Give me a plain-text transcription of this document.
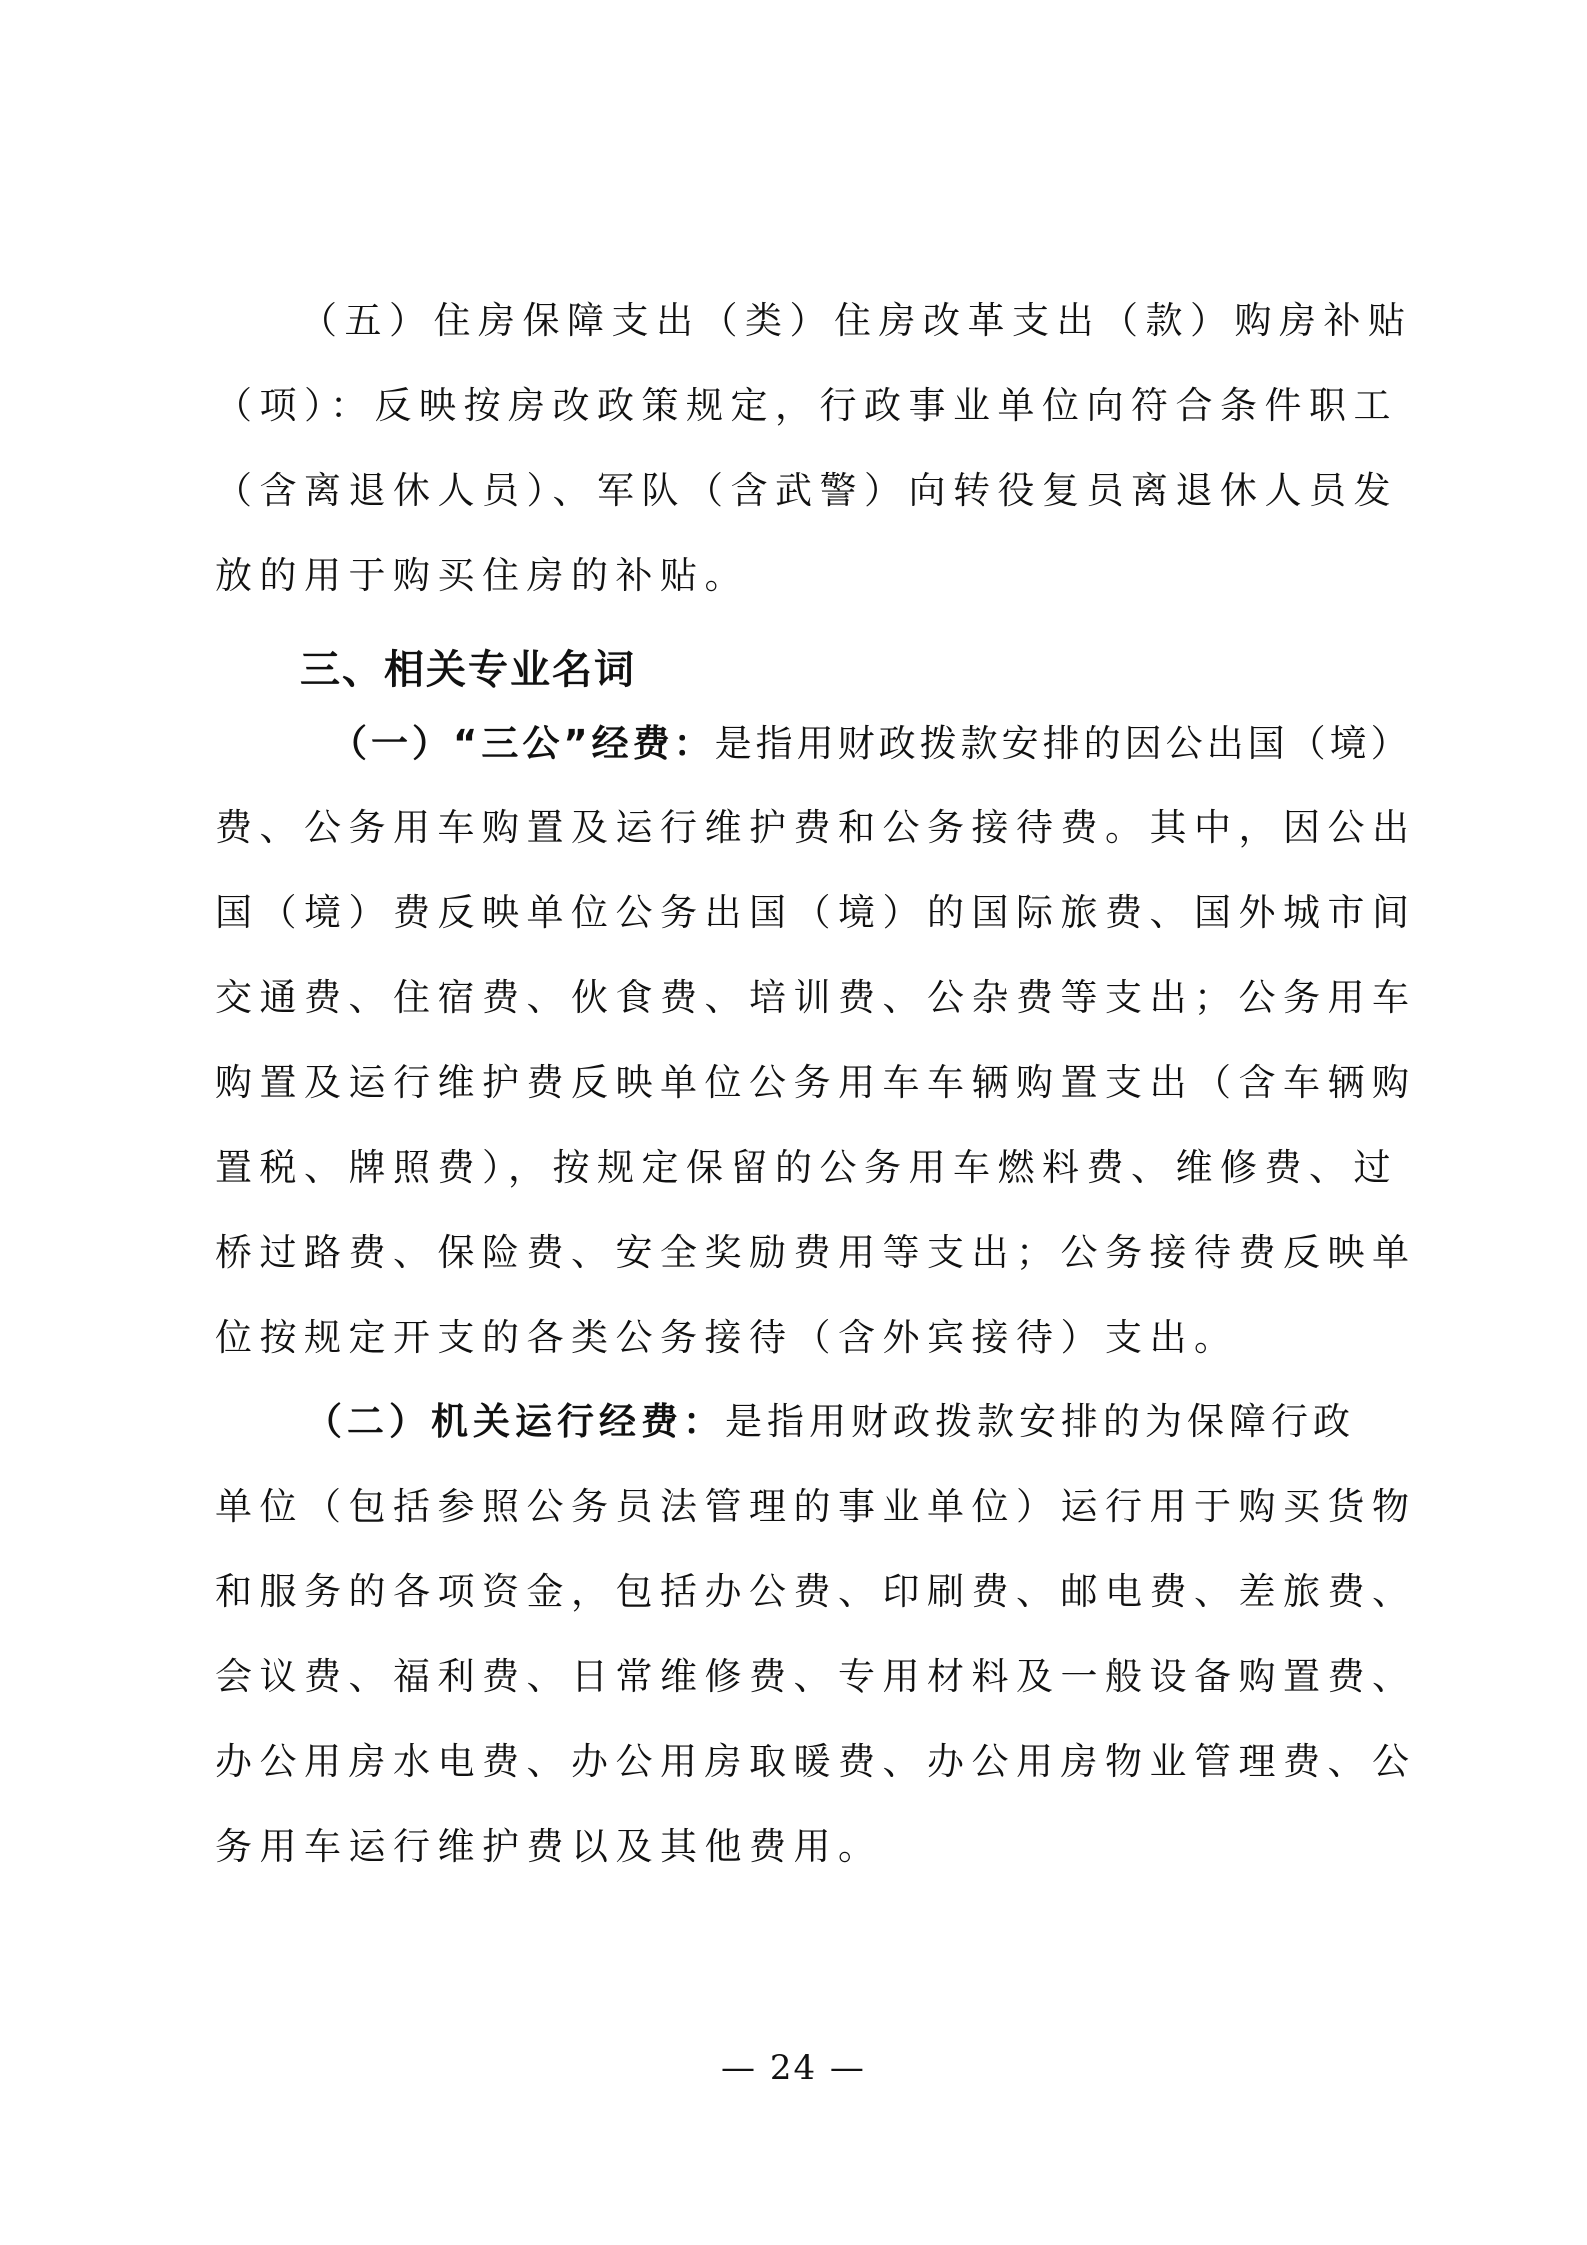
（五）住房保障支出（类）住房改革支出（款）购房补贴
（项）：反映按房改政策规定，行政事业单位向符合条件职工
（含离退休人员）、军队（含武警）向转役复员离退休人员发
放的用于购买住房的补贴。
三、相关专业名词
（一）“三公”经费：是指用财政拨款安排的因公出国（境）
费、公务用车购置及运行维护费和公务接待费。其中，因公出
国（境）费反映单位公务出国（境）的国际旅费、国外城市间
交通费、住宿费、伙食费、培训费、公杂费等支出；公务用车
购置及运行维护费反映单位公务用车车辆购置支出（含车辆购
置税、牌照费），按规定保留的公务用车燃料费、维修费、过
桥过路费、保险费、安全奖励费用等支出；公务接待费反映单
位按规定开支的各类公务接待（含外宾接待）支出。
（二）机关运行经费：是指用财政拨款安排的为保障行政
单位（包括参照公务员法管理的事业单位）运行用于购买货物
和服务的各项资金，包括办公费、印刷费、邮电费、差旅费、
会议费、福利费、日常维修费、专用材料及一般设备购置费、
办公用房水电费、办公用房取暖费、办公用房物业管理费、公
务用车运行维护费以及其他费用。
— 24 —
